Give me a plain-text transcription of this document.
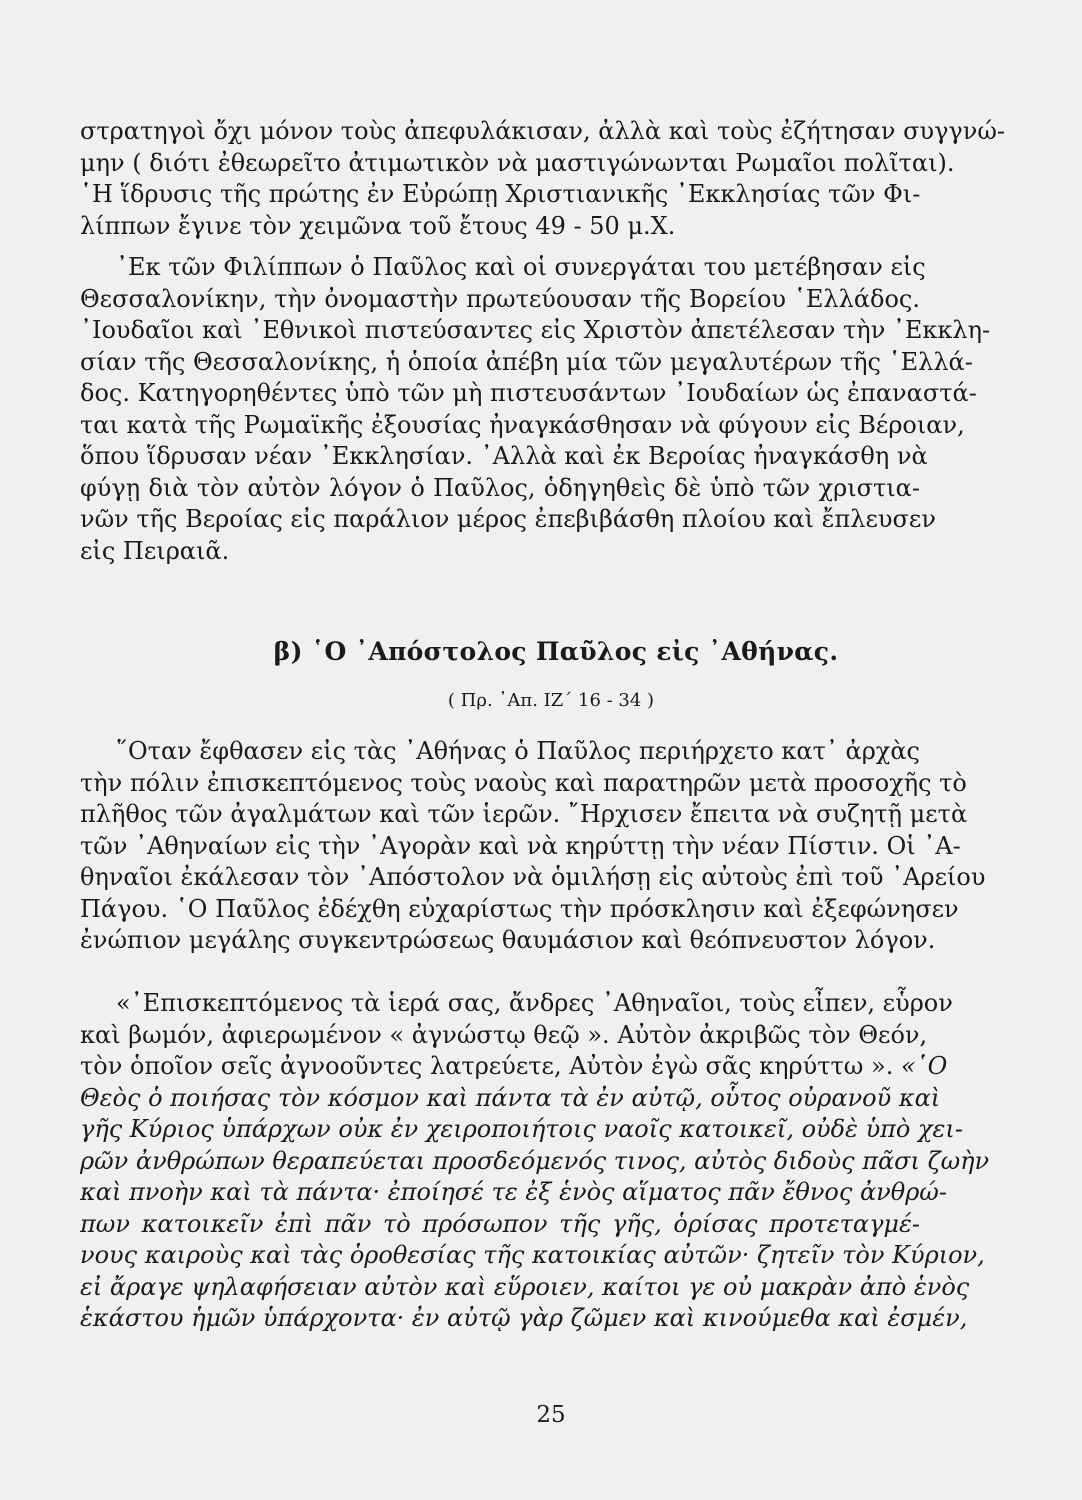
στρατηγοὶ ὄχι μόνον τοὺς ἀπεφυλάκισαν, ἀλλὰ καὶ τοὺς ἐζήτησαν συγγνώ-
μην ( διότι ἐθεωρεῖτο ἀτιμωτικὸν νὰ μαστιγώνωνται Ρωμαῖοι πολῖται).
῾Η ἵδρυσις τῆς πρώτης ἐν Εὐρώπῃ Χριστιανικῆς ᾿Εκκλησίας τῶν Φι-
λίππων ἔγινε τὸν χειμῶνα τοῦ ἔτους 49 - 50 μ.Χ.
᾿Εκ τῶν Φιλίππων ὁ Παῦλος καὶ οἱ συνεργάται του μετέβησαν εἰς
Θεσσαλονίκην, τὴν ὀνομαστὴν πρωτεύουσαν τῆς Βορείου ῾Ελλάδος.
᾿Ιουδαῖοι καὶ ᾿Εθνικοὶ πιστεύσαντες εἰς Χριστὸν ἀπετέλεσαν τὴν ᾿Εκκλη-
σίαν τῆς Θεσσαλονίκης, ἡ ὁποία ἀπέβη μία τῶν μεγαλυτέρων τῆς ῾Ελλά-
δος. Κατηγορηθέντες ὑπὸ τῶν μὴ πιστευσάντων ᾿Ιουδαίων ὡς ἐπαναστά-
ται κατὰ τῆς Ρωμαϊκῆς ἐξουσίας ἠναγκάσθησαν νὰ φύγουν εἰς Βέροιαν,
ὅπου ἵδρυσαν νέαν ᾿Εκκλησίαν. ᾿Αλλὰ καὶ ἐκ Βεροίας ἠναγκάσθη νὰ
φύγῃ διὰ τὸν αὐτὸν λόγον ὁ Παῦλος, ὁδηγηθεὶς δὲ ὑπὸ τῶν χριστια-
νῶν τῆς Βεροίας εἰς παράλιον μέρος ἐπεβιβάσθη πλοίου καὶ ἔπλευσεν
εἰς Πειραιᾶ.
β) ῾Ο ᾿Απόστολος Παῦλος εἰς ᾿Αθήνας.
( Πρ. ᾿Απ. ΙΖ΄ 16 - 34 )
῞Οταν ἔφθασεν εἰς τὰς ᾿Αθήνας ὁ Παῦλος περιήρχετο κατ᾿ ἀρχὰς
τὴν πόλιν ἐπισκεπτόμενος τοὺς ναοὺς καὶ παρατηρῶν μετὰ προσοχῆς τὸ
πλῆθος τῶν ἀγαλμάτων καὶ τῶν ἱερῶν. ῎Ηρχισεν ἔπειτα νὰ συζητῇ μετὰ
τῶν ᾿Αθηναίων εἰς τὴν ᾿Αγορὰν καὶ νὰ κηρύττῃ τὴν νέαν Πίστιν. Οἱ ᾿Α-
θηναῖοι ἐκάλεσαν τὸν ᾿Απόστολον νὰ ὁμιλήσῃ εἰς αὐτοὺς ἐπὶ τοῦ ᾿Αρείου
Πάγου. ῾Ο Παῦλος ἐδέχθη εὐχαρίστως τὴν πρόσκλησιν καὶ ἐξεφώνησεν
ἐνώπιον μεγάλης συγκεντρώσεως θαυμάσιον καὶ θεόπνευστον λόγον.
«᾿Επισκεπτόμενος τὰ ἱερά σας, ἄνδρες ᾿Αθηναῖοι, τοὺς εἶπεν, εὗρον
καὶ βωμόν, ἀφιερωμένον « ἀγνώστῳ θεῷ ». Αὐτὸν ἀκριβῶς τὸν Θεόν,
τὸν ὁποῖον σεῖς ἀγνοοῦντες λατρεύετε, Αὐτὸν ἐγὼ σᾶς κηρύττω ». «῾Ο
Θεὸς ὁ ποιήσας τὸν κόσμον καὶ πάντα τὰ ἐν αὐτῷ, οὗτος οὐρανοῦ καὶ
γῆς Κύριος ὑπάρχων οὐκ ἐν χειροποιήτοις ναοῖς κατοικεῖ, οὐδὲ ὑπὸ χει-
ρῶν ἀνθρώπων θεραπεύεται προσδεόμενός τινος, αὐτὸς διδοὺς πᾶσι ζωὴν
καὶ πνοὴν καὶ τὰ πάντα· ἐποίησέ τε ἐξ ἑνὸς αἵματος πᾶν ἔθνος ἀνθρώ-
πων κατοικεῖν ἐπὶ πᾶν τὸ πρόσωπον τῆς γῆς, ὁρίσας προτεταγμέ-
νους καιροὺς καὶ τὰς ὁροθεσίας τῆς κατοικίας αὐτῶν· ζητεῖν τὸν Κύριον,
εἰ ἄραγε ψηλαφήσειαν αὐτὸν καὶ εὕροιεν, καίτοι γε οὐ μακρὰν ἀπὸ ἑνὸς
ἑκάστου ἡμῶν ὑπάρχοντα· ἐν αὐτῷ γὰρ ζῶμεν καὶ κινούμεθα καὶ ἐσμέν,
25
